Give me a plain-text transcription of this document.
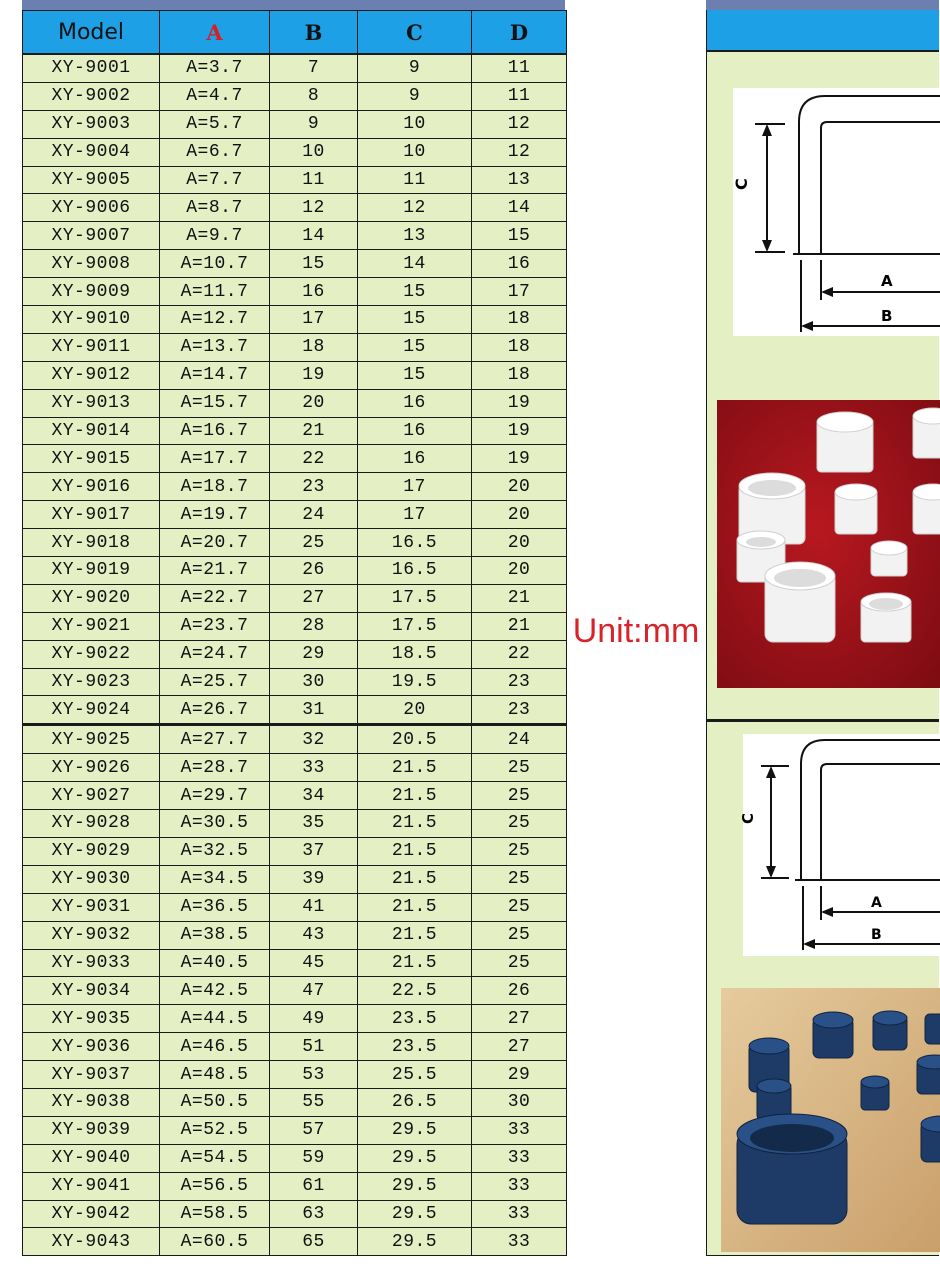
Model	A	B	C	D
XY-9001	A=3.7	7	9	11
XY-9002	A=4.7	8	9	11
XY-9003	A=5.7	9	10	12
XY-9004	A=6.7	10	10	12
XY-9005	A=7.7	11	11	13
XY-9006	A=8.7	12	12	14
XY-9007	A=9.7	14	13	15
XY-9008	A=10.7	15	14	16
XY-9009	A=11.7	16	15	17
XY-9010	A=12.7	17	15	18
XY-9011	A=13.7	18	15	18
XY-9012	A=14.7	19	15	18
XY-9013	A=15.7	20	16	19
XY-9014	A=16.7	21	16	19
XY-9015	A=17.7	22	16	19
XY-9016	A=18.7	23	17	20
XY-9017	A=19.7	24	17	20
XY-9018	A=20.7	25	16.5	20
XY-9019	A=21.7	26	16.5	20
XY-9020	A=22.7	27	17.5	21
XY-9021	A=23.7	28	17.5	21
XY-9022	A=24.7	29	18.5	22
XY-9023	A=25.7	30	19.5	23
XY-9024	A=26.7	31	20	23
XY-9025	A=27.7	32	20.5	24
XY-9026	A=28.7	33	21.5	25
XY-9027	A=29.7	34	21.5	25
XY-9028	A=30.5	35	21.5	25
XY-9029	A=32.5	37	21.5	25
XY-9030	A=34.5	39	21.5	25
XY-9031	A=36.5	41	21.5	25
XY-9032	A=38.5	43	21.5	25
XY-9033	A=40.5	45	21.5	25
XY-9034	A=42.5	47	22.5	26
XY-9035	A=44.5	49	23.5	27
XY-9036	A=46.5	51	23.5	27
XY-9037	A=48.5	53	25.5	29
XY-9038	A=50.5	55	26.5	30
XY-9039	A=52.5	57	29.5	33
XY-9040	A=54.5	59	29.5	33
XY-9041	A=56.5	61	29.5	33
XY-9042	A=58.5	63	29.5	33
XY-9043	A=60.5	65	29.5	33
Unit:mm
C
A
B
C
A
B
